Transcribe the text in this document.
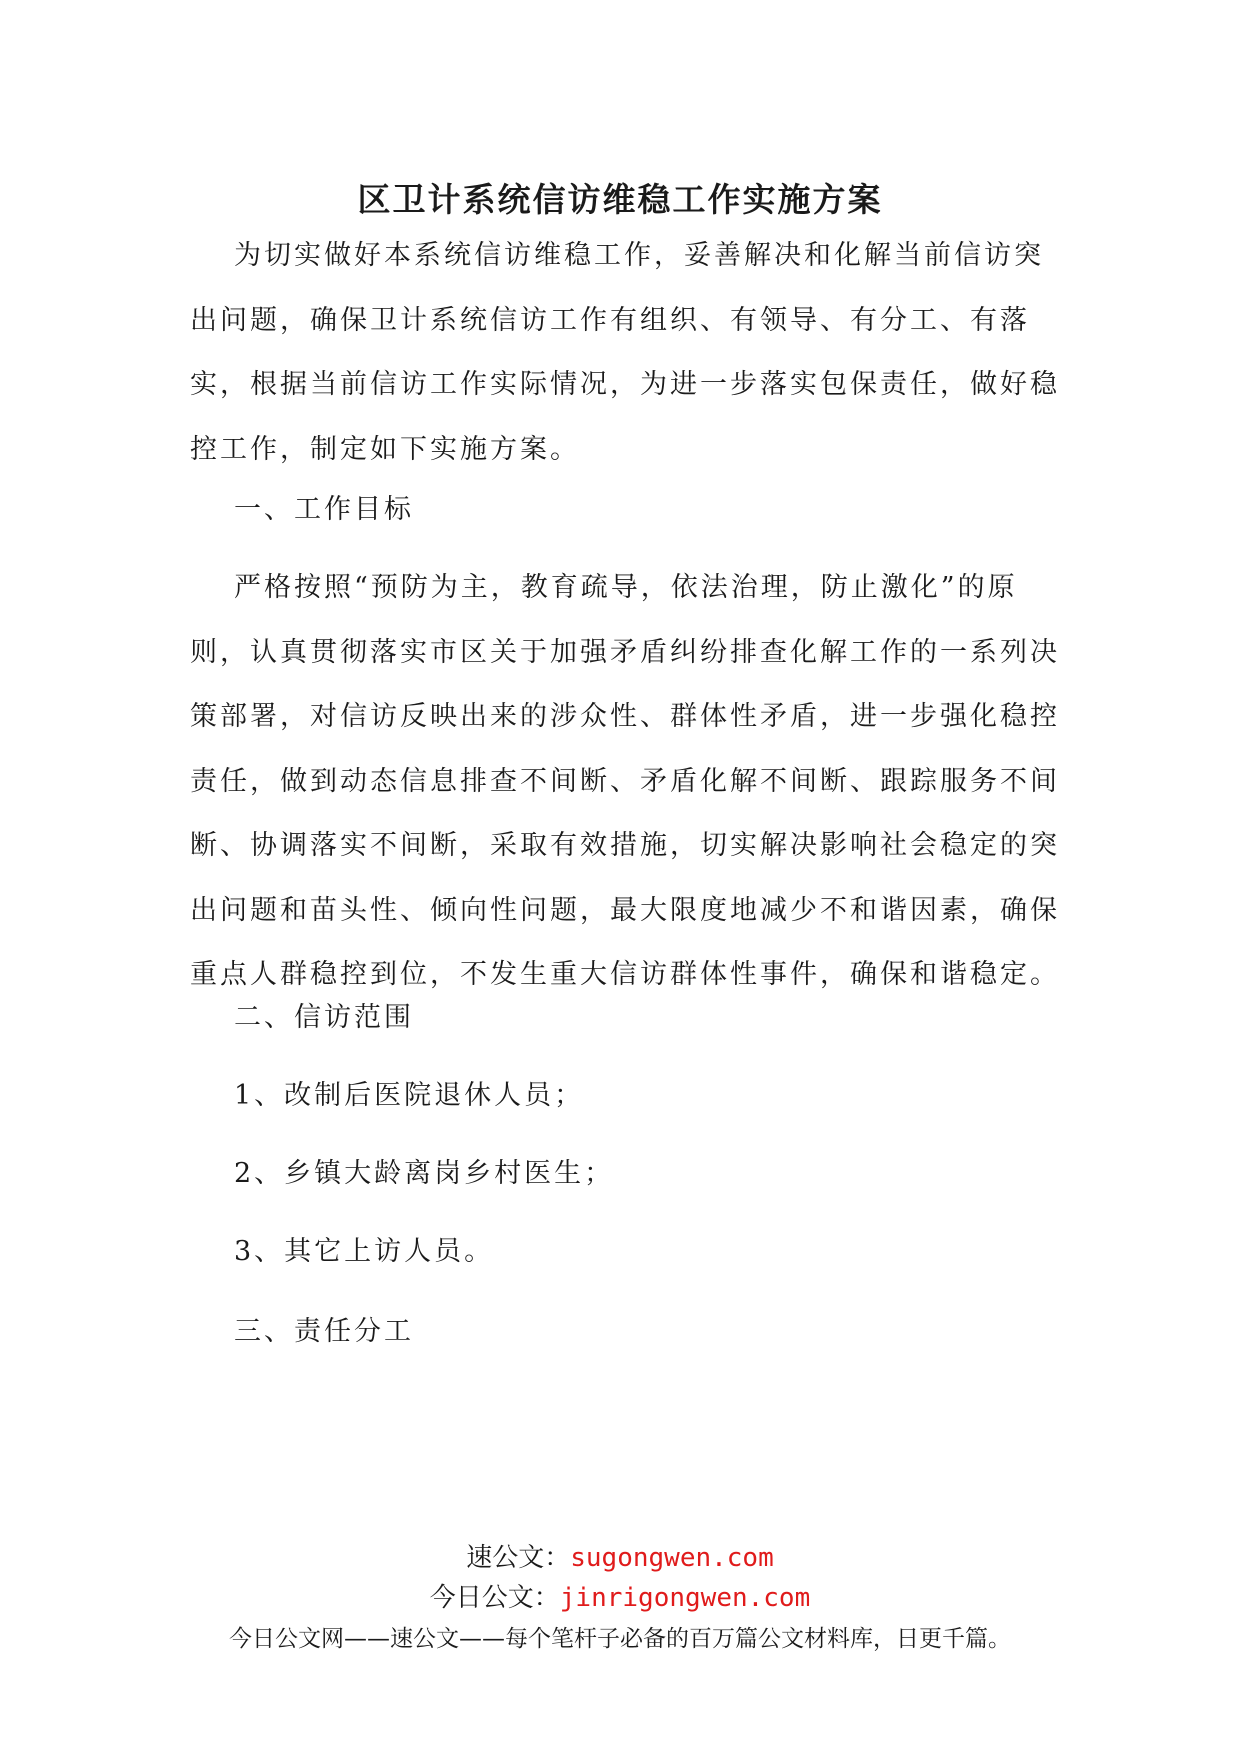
区卫计系统信访维稳工作实施方案

为切实做好本系统信访维稳工作，妥善解决和化解当前信访突出问题，确保卫计系统信访工作有组织、有领导、有分工、有落实，根据当前信访工作实际情况，为进一步落实包保责任，做好稳控工作，制定如下实施方案。

一、工作目标

严格按照“预防为主，教育疏导，依法治理，防止激化”的原则，认真贯彻落实市区关于加强矛盾纠纷排查化解工作的一系列决策部署，对信访反映出来的涉众性、群体性矛盾，进一步强化稳控责任，做到动态信息排查不间断、矛盾化解不间断、跟踪服务不间断、协调落实不间断，采取有效措施，切实解决影响社会稳定的突出问题和苗头性、倾向性问题，最大限度地减少不和谐因素，确保重点人群稳控到位，不发生重大信访群体性事件，确保和谐稳定。

二、信访范围

1、改制后医院退休人员；

2、乡镇大龄离岗乡村医生；

3、其它上访人员。

三、责任分工

速公文：sugongwen.com
今日公文：jinrigongwen.com
今日公文网——速公文——每个笔杆子必备的百万篇公文材料库，日更千篇。
